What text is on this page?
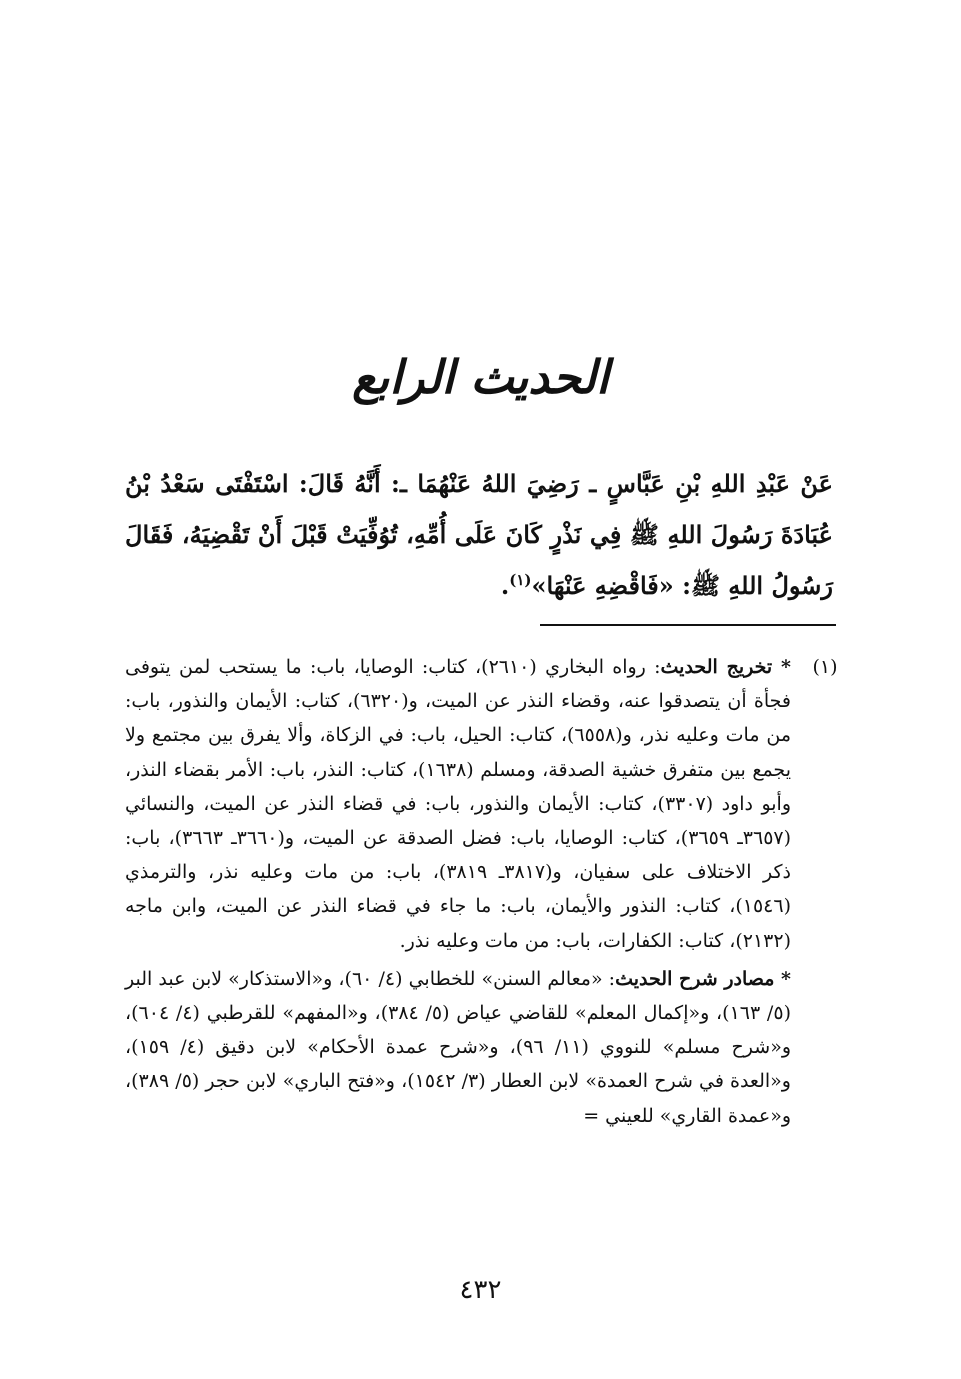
الحديث الرابع
عَنْ عَبْدِ اللهِ بْنِ عَبَّاسٍ ـ رَضِيَ اللهُ عَنْهُمَا ـ: أَنَّهُ قَالَ: اسْتَفْتَى سَعْدُ بْنُ عُبَادَةَ رَسُولَ اللهِ ﷺ فِي نَذْرٍ كَانَ عَلَى أُمِّهِ، تُوُفِّيَتْ قَبْلَ أَنْ تَقْضِيَهُ، فَقَالَ رَسُولُ اللهِ ﷺ: «فَاقْضِهِ عَنْهَا»$^{(١)}$.
(١)

* تخريج الحديث: رواه البخاري (٢٦١٠)، كتاب: الوصايا، باب: ما يستحب لمن يتوفى فجأة أن يتصدقوا عنه، وقضاء النذر عن الميت، و(٦٣٢٠)، كتاب: الأيمان والنذور، باب: من مات وعليه نذر، و(٦٥٥٨)، كتاب: الحيل، باب: في الزكاة، وألا يفرق بين مجتمع ولا يجمع بين متفرق خشية الصدقة، ومسلم (١٦٣٨)، كتاب: النذر، باب: الأمر بقضاء النذر، وأبو داود (٣٣٠٧)، كتاب: الأيمان والنذور، باب: في قضاء النذر عن الميت، والنسائي (٣٦٥٧ـ ٣٦٥٩)، كتاب: الوصايا، باب: فضل الصدقة عن الميت، و(٣٦٦٠ـ ٣٦٦٣)، باب: ذكر الاختلاف على سفيان، و(٣٨١٧ـ ٣٨١٩)، باب: من مات وعليه نذر، والترمذي (١٥٤٦)، كتاب: النذور والأيمان، باب: ما جاء في قضاء النذر عن الميت، وابن ماجه (٢١٣٢)، كتاب: الكفارات، باب: من مات وعليه نذر.

* مصادر شرح الحديث: «معالم السنن» للخطابي (٤/ ٦٠)، و«الاستذكار» لابن عبد البر (٥/ ١٦٣)، و«إكمال المعلم» للقاضي عياض (٥/ ٣٨٤)، و«المفهم» للقرطبي (٤/ ٦٠٤)، و«شرح مسلم» للنووي (١١/ ٩٦)، و«شرح عمدة الأحكام» لابن دقيق (٤/ ١٥٩)، و«العدة في شرح العمدة» لابن العطار (٣/ ١٥٤٢)، و«فتح الباري» لابن حجر (٥/ ٣٨٩)، و«عمدة القاري» للعيني =

٤٣٢
